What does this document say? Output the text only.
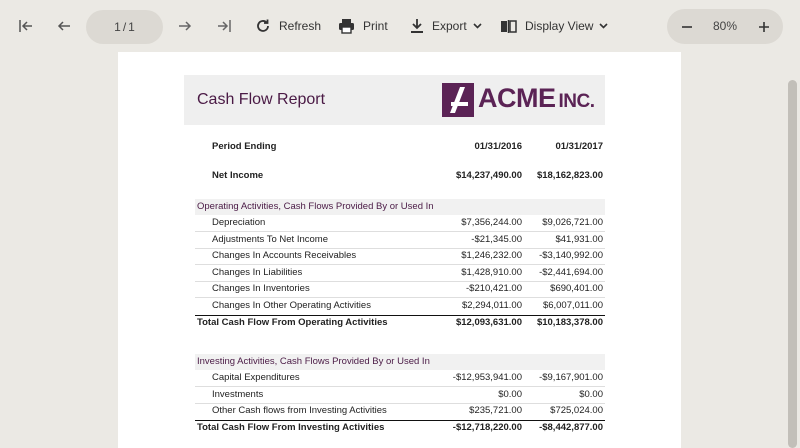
1 / 1	Refresh	Print	Export	Display View	80%
Cash Flow Report	ACME INC.
Period Ending	01/31/2016	01/31/2017
Net Income	$14,237,490.00 $18,162,823.00
Operating Activities, Cash Flows Provided By or Used In
Depreciation	$7,356,244.00 $9,026,721.00
Adjustments To Net Income	-$21,345.00	$41,931.00
Changes In Accounts Receivables	$1,246,232.00 -$3,140,992.00
Changes In Liabilities	$1,428,910.00 -$2,441,694.00
Changes In Inventories	-$210,421.00	$690,401.00
Changes In Other Operating Activities	$2,294,011.00 $6,007,011.00
Total Cash Flow From Operating Activities	$12,093,631.00 $10,183,378.00
Investing Activities, Cash Flows Provided By or Used In
Capital Expenditures	-$12,953,941.00 -$9,167,901.00
Investments	$0.00	$0.00
Other Cash flows from Investing Activities	$235,721.00	$725,024.00
Total Cash Flow From Investing Activities	-$12,718,220.00 -$8,442,877.00
